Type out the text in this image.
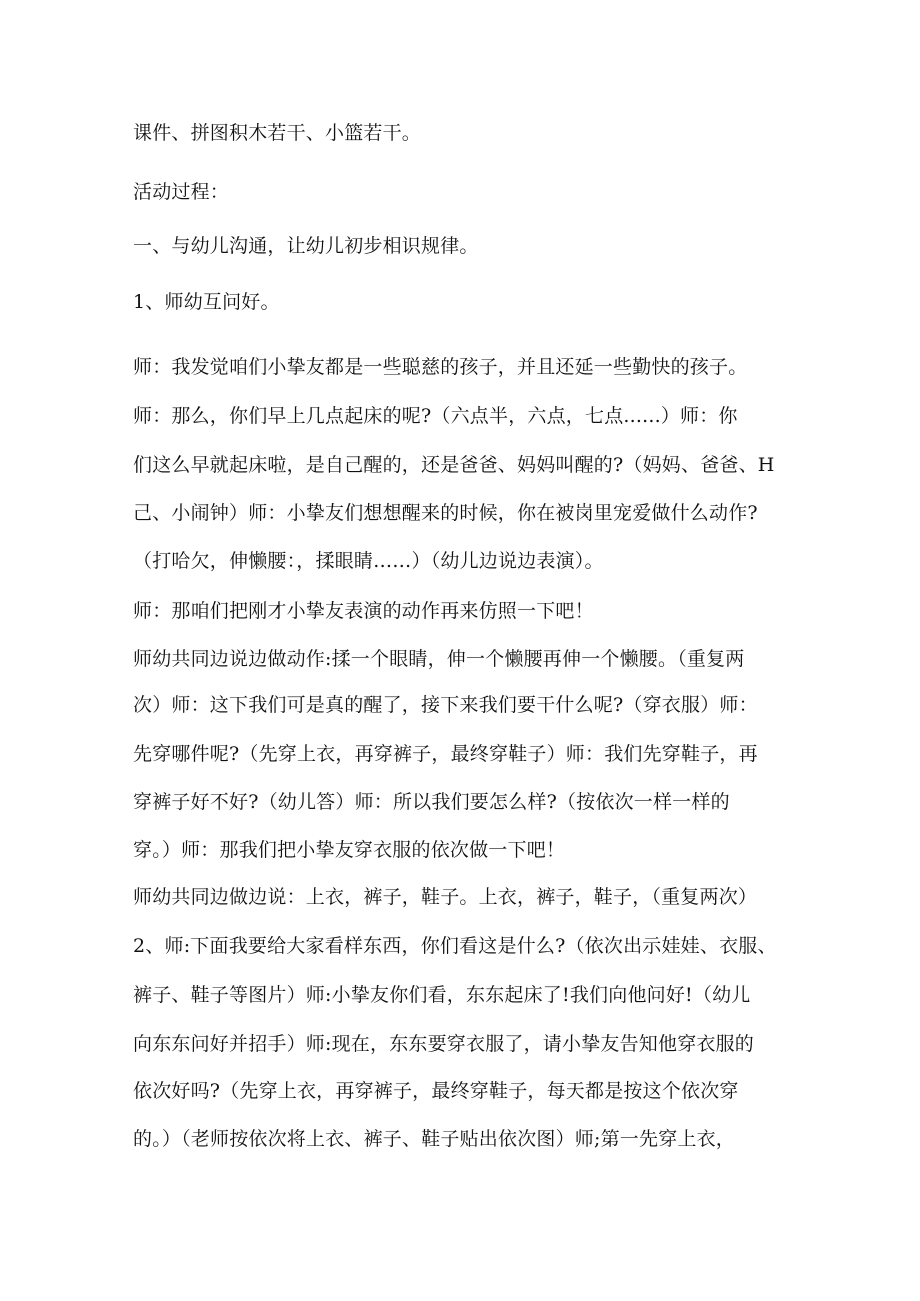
课件、拼图积木若干、小篮若干。
活动过程：
一、与幼儿沟通，让幼儿初步相识规律。
1、师幼互问好。
师：我发觉咱们小挚友都是一些聪慈的孩子，并且还延一些勤快的孩子。
师：那么，你们早上几点起床的呢?（六点半，六点，七点......）师：你
们这么早就起床啦，是自己醒的，还是爸爸、妈妈叫醒的?（妈妈、爸爸、H
己、小闹钟）师：小挚友们想想醒来的时候，你在被岗里宠爱做什么动作?
（打哈欠，伸懒腰：，揉眼睛……）（幼儿边说边表演）。
师：那咱们把刚才小挚友表演的动作再来仿照一下吧！
师幼共同边说边做动作:揉一个眼睛，伸一个懒腰再伸一个懒腰。（重复两
次）师：这下我们可是真的醒了，接下来我们要干什么呢?（穿衣服）师：
先穿哪件呢?（先穿上衣，再穿裤子，最终穿鞋子）师：我们先穿鞋子，再
穿裤子好不好?（幼儿答）师：所以我们要怎么样?（按依次一样一样的
穿。）师：那我们把小挚友穿衣服的依次做一下吧！
师幼共同边做边说：上衣，裤子，鞋子。上衣，裤子，鞋子，（重复两次）
2、师:下面我要给大家看样东西，你们看这是什么?（依次出示娃娃、衣服、
裤子、鞋子等图片）师:小挚友你们看，东东起床了!我们向他问好!（幼儿
向东东问好并招手）师:现在，东东要穿衣服了，请小挚友告知他穿衣服的
依次好吗?（先穿上衣，再穿裤子，最终穿鞋子，每天都是按这个依次穿
的。）（老师按依次将上衣、裤子、鞋子贴出依次图）师;第一先穿上衣，
